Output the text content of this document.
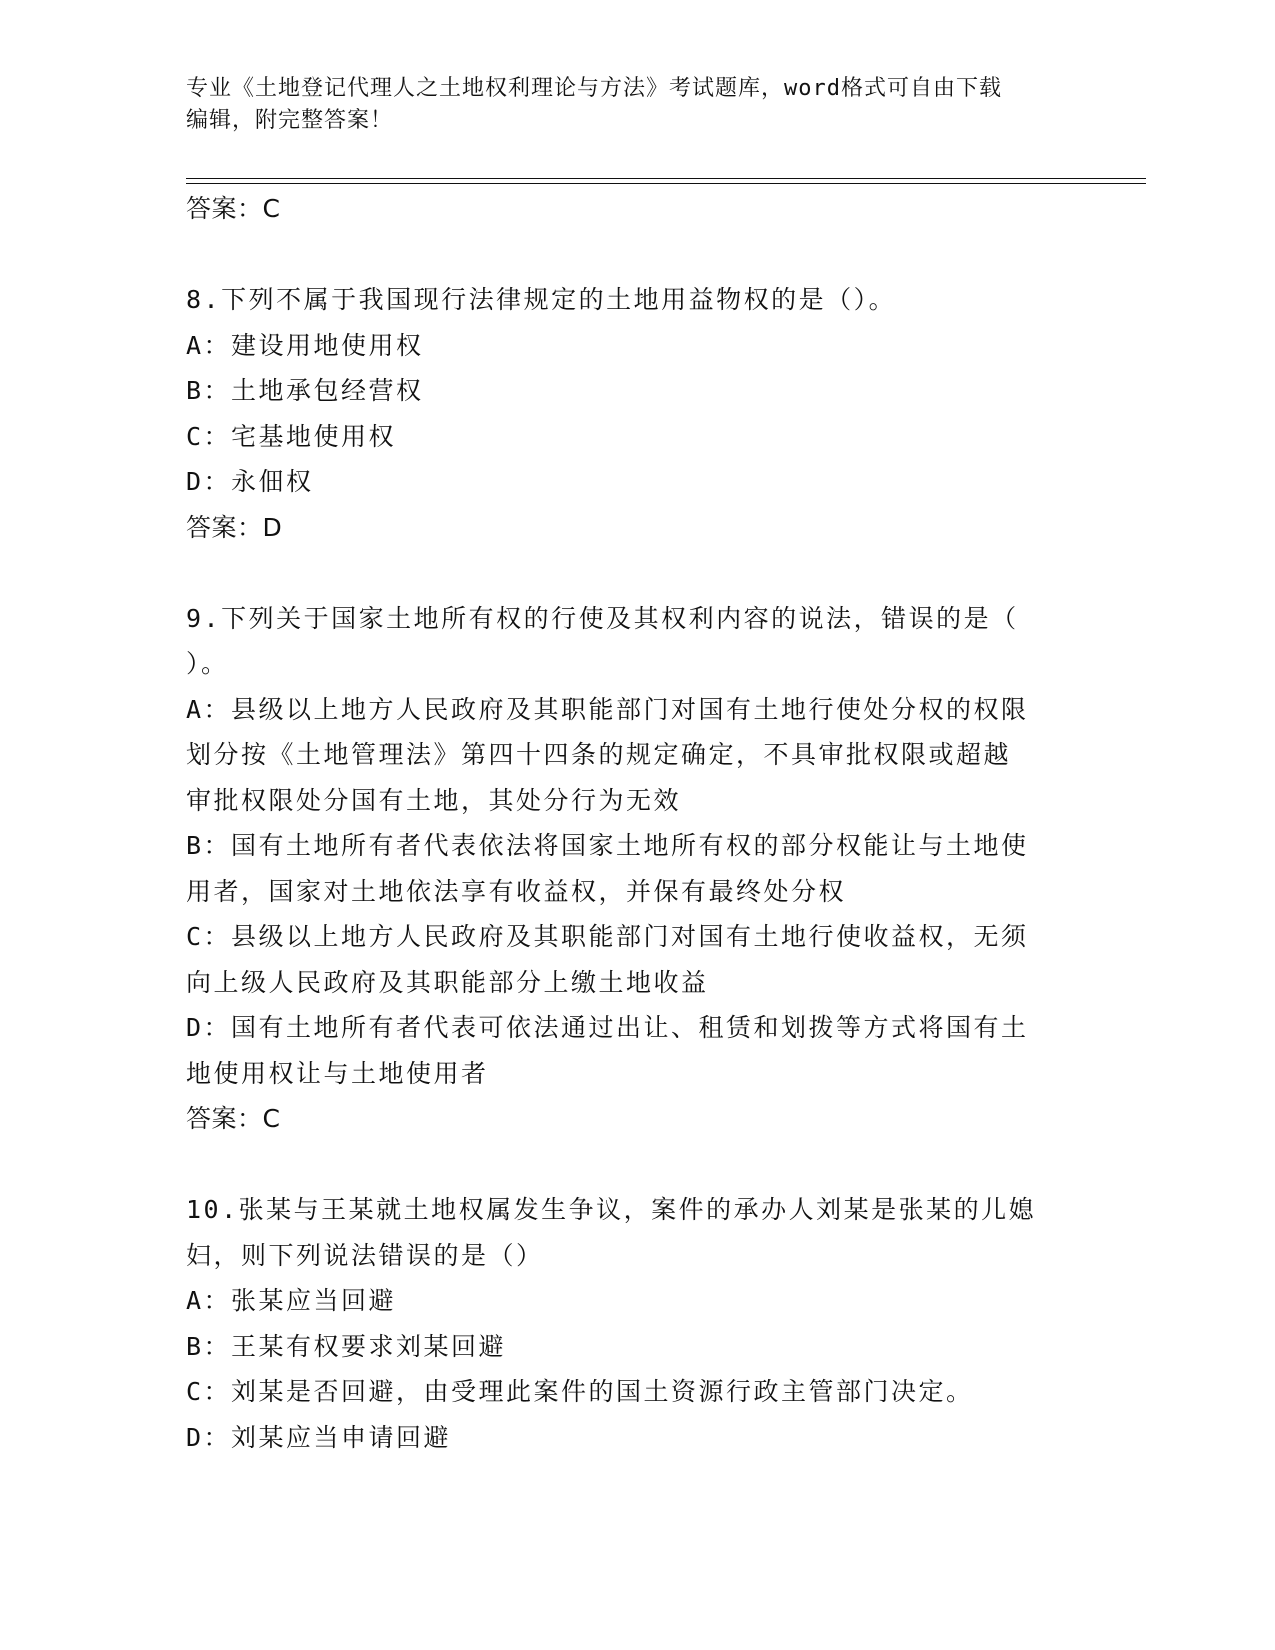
专业《土地登记代理人之土地权利理论与方法》考试题库，word格式可自由下载
编辑，附完整答案！
答案：C
8.下列不属于我国现行法律规定的土地用益物权的是（）。
A：建设用地使用权
B：土地承包经营权
C：宅基地使用权
D：永佃权
答案：D
9.下列关于国家土地所有权的行使及其权利内容的说法，错误的是（
）。
A：县级以上地方人民政府及其职能部门对国有土地行使处分权的权限
划分按《土地管理法》第四十四条的规定确定，不具审批权限或超越
审批权限处分国有土地，其处分行为无效
B：国有土地所有者代表依法将国家土地所有权的部分权能让与土地使
用者，国家对土地依法享有收益权，并保有最终处分权
C：县级以上地方人民政府及其职能部门对国有土地行使收益权，无须
向上级人民政府及其职能部分上缴土地收益
D：国有土地所有者代表可依法通过出让、租赁和划拨等方式将国有土
地使用权让与土地使用者
答案：C
10.张某与王某就土地权属发生争议，案件的承办人刘某是张某的儿媳
妇，则下列说法错误的是（）
A：张某应当回避
B：王某有权要求刘某回避
C：刘某是否回避，由受理此案件的国土资源行政主管部门决定。
D：刘某应当申请回避
